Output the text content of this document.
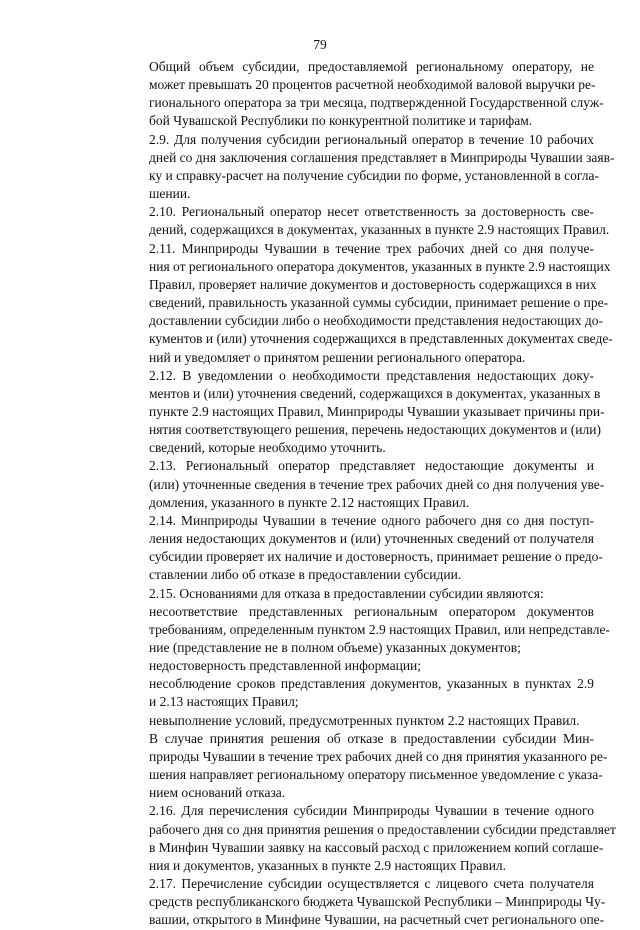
79

Общий объем субсидии, предоставляемой региональному оператору, не
может превышать 20 процентов расчетной необходимой валовой выручки ре-
гионального оператора за три месяца, подтвержденной Государственной служ-
бой Чувашской Республики по конкурентной политике и тарифам.

2.9. Для получения субсидии региональный оператор в течение 10 рабочих
дней со дня заключения соглашения представляет в Минприроды Чувашии заяв-
ку и справку-расчет на получение субсидии по форме, установленной в согла-
шении.

2.10. Региональный оператор несет ответственность за достоверность све-
дений, содержащихся в документах, указанных в пункте 2.9 настоящих Правил.

2.11. Минприроды Чувашии в течение трех рабочих дней со дня получе-
ния от регионального оператора документов, указанных в пункте 2.9 настоящих
Правил, проверяет наличие документов и достоверность содержащихся в них
сведений, правильность указанной суммы субсидии, принимает решение о пре-
доставлении субсидии либо о необходимости представления недостающих до-
кументов и (или) уточнения содержащихся в представленных документах сведе-
ний и уведомляет о принятом решении регионального оператора.

2.12. В уведомлении о необходимости представления недостающих доку-
ментов и (или) уточнения сведений, содержащихся в документах, указанных в
пункте 2.9 настоящих Правил, Минприроды Чувашии указывает причины при-
нятия соответствующего решения, перечень недостающих документов и (или)
сведений, которые необходимо уточнить.

2.13. Региональный оператор представляет недостающие документы и
(или) уточненные сведения в течение трех рабочих дней со дня получения уве-
домления, указанного в пункте 2.12 настоящих Правил.

2.14. Минприроды Чувашии в течение одного рабочего дня со дня поступ-
ления недостающих документов и (или) уточненных сведений от получателя
субсидии проверяет их наличие и достоверность, принимает решение о предо-
ставлении либо об отказе в предоставлении субсидии.

2.15. Основаниями для отказа в предоставлении субсидии являются:

несоответствие представленных региональным оператором документов
требованиям, определенным пунктом 2.9 настоящих Правил, или непредставле-
ние (представление не в полном объеме) указанных документов;

недостоверность представленной информации;

несоблюдение сроков представления документов, указанных в пунктах 2.9
и 2.13 настоящих Правил;

невыполнение условий, предусмотренных пунктом 2.2 настоящих Правил.

В случае принятия решения об отказе в предоставлении субсидии Мин-
природы Чувашии в течение трех рабочих дней со дня принятия указанного ре-
шения направляет региональному оператору письменное уведомление с указа-
нием оснований отказа.

2.16. Для перечисления субсидии Минприроды Чувашии в течение одного
рабочего дня со дня принятия решения о предоставлении субсидии представляет
в Минфин Чувашии заявку на кассовый расход с приложением копий соглаше-
ния и документов, указанных в пункте 2.9 настоящих Правил.

2.17. Перечисление субсидии осуществляется с лицевого счета получателя
средств республиканского бюджета Чувашской Республики – Минприроды Чу-
вашии, открытого в Минфине Чувашии, на расчетный счет регионального опе-
